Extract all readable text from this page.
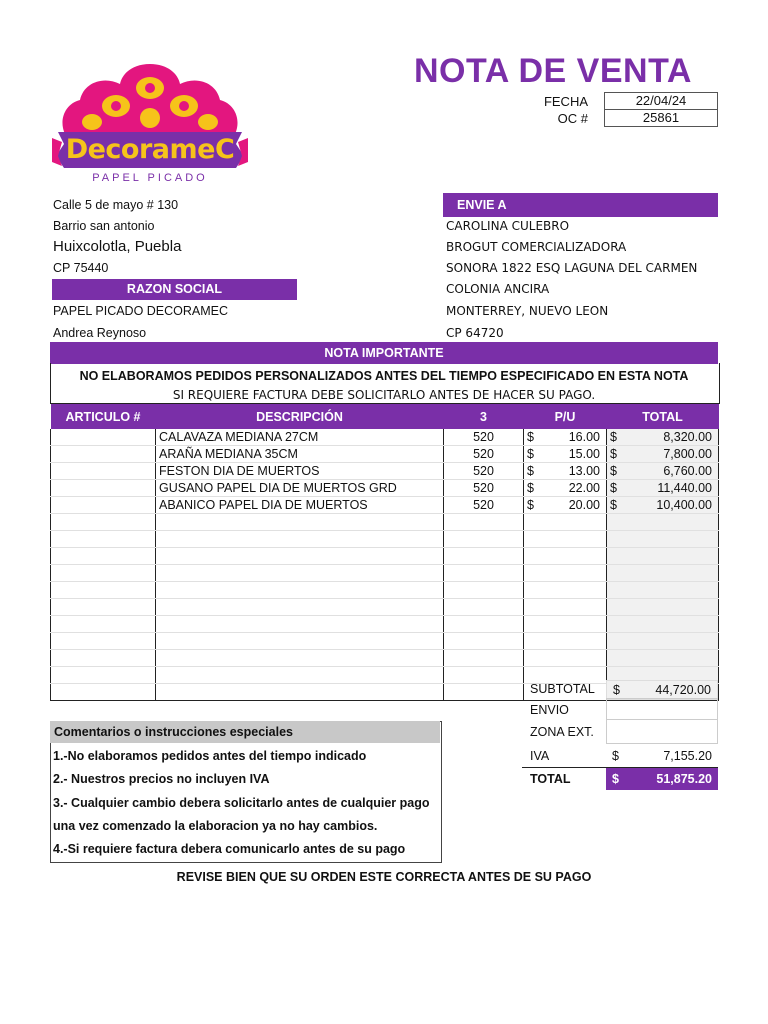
DecorameC
PAPEL PICADO
NOTA DE VENTA
FECHA	22/04/24
OC #	25861
Calle 5 de mayo # 130
Barrio san antonio
Huixcolotla, Puebla
CP 75440
RAZON SOCIAL
PAPEL PICADO DECORAMEC
Andrea Reynoso
ENVIE A
CAROLINA CULEBRO
BROGUT COMERCIALIZADORA
SONORA 1822 ESQ LAGUNA DEL CARMEN
COLONIA ANCIRA
MONTERREY, NUEVO LEON
CP 64720
NOTA IMPORTANTE
NO ELABORAMOS PEDIDOS PERSONALIZADOS ANTES DEL TIEMPO ESPECIFICADO EN ESTA NOTA
SI REQUIERE FACTURA DEBE SOLICITARLO ANTES DE HACER SU PAGO.
ARTICULO #	DESCRIPCIÓN	3	P/U	TOTAL
	CALAVAZA MEDIANA 27CM	520	$ 16.00	$ 8,320.00

	ARAÑA MEDIANA 35CM	520	$ 15.00	$ 7,800.00

	FESTON DIA DE MUERTOS	520	$ 13.00	$ 6,760.00

	GUSANO PAPEL DIA DE MUERTOS GRD	520	$ 22.00	$ 11,440.00

	ABANICO PAPEL DIA DE MUERTOS	520	$ 20.00	$ 10,400.00

SUBTOTAL $	44,720.00
ENVIO
ZONA EXT.
IVA	$	7,155.20
TOTAL	$	51,875.20
Comentarios o instrucciones especiales
1.-No elaboramos pedidos antes del tiempo indicado
2.- Nuestros precios no incluyen IVA
3.- Cualquier cambio debera solicitarlo antes de cualquier pago
una vez comenzado la elaboracion ya no hay cambios.
4.-Si requiere factura debera comunicarlo antes de su pago
REVISE BIEN QUE SU ORDEN ESTE CORRECTA ANTES DE SU PAGO
